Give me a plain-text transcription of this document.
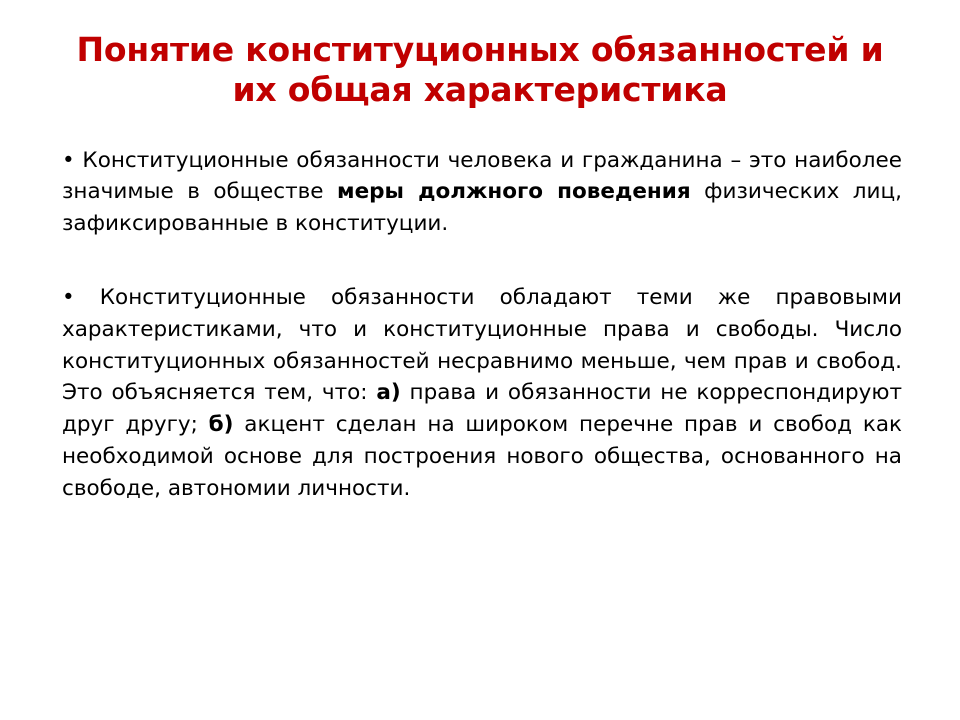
Понятие конституционных обязанностей и их общая характеристика

• Конституционные обязанности человека и гражданина – это наиболее значимые в обществе меры должного поведения физических лиц, зафиксированные в конституции.

• Конституционные обязанности обладают теми же правовыми характеристиками, что и конституционные права и свободы. Число конституционных обязанностей несравнимо меньше, чем прав и свобод. Это объясняется тем, что: а) права и обязанности не корреспондируют друг другу; б) акцент сделан на широком перечне прав и свобод как необходимой основе для построения нового общества, основанного на свободе, автономии личности.
